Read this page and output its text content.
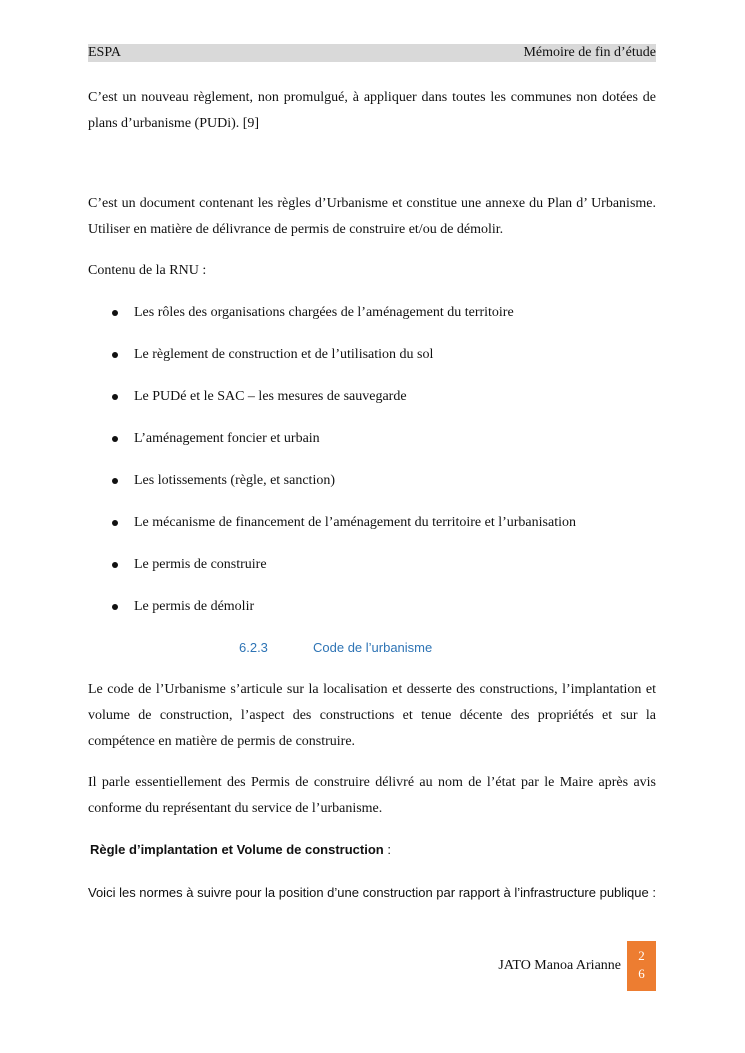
ESPA	Mémoire de fin d’étude
C’est un nouveau règlement, non promulgué, à appliquer dans toutes les communes non dotées de plans d’urbanisme (PUDi). [9]
C’est un document contenant les règles d’Urbanisme et constitue une annexe du Plan d’ Urbanisme. Utiliser en matière de délivrance de permis de construire et/ou de démolir.
Contenu de la RNU :
Les rôles des organisations chargées de l’aménagement du territoire
Le règlement de construction et de l’utilisation du sol
Le PUDé et le SAC – les mesures de sauvegarde
L’aménagement foncier et urbain
Les lotissements (règle, et sanction)
Le mécanisme de financement de l’aménagement du territoire et l’urbanisation
Le permis de construire
Le permis de démolir
6.2.3	Code de l’urbanisme
Le code de l’Urbanisme s’articule sur la localisation et desserte des constructions, l’implantation et volume de construction, l’aspect des constructions et tenue décente des propriétés et sur la compétence en matière de permis de construire.
Il parle essentiellement des Permis de construire délivré au nom de l’état par le Maire après avis conforme du représentant du service de l’urbanisme.
Règle d’implantation et Volume de construction :
Voici les normes à suivre pour la position d’une construction par rapport à l’infrastructure publique :
JATO Manoa Arianne
2
6
